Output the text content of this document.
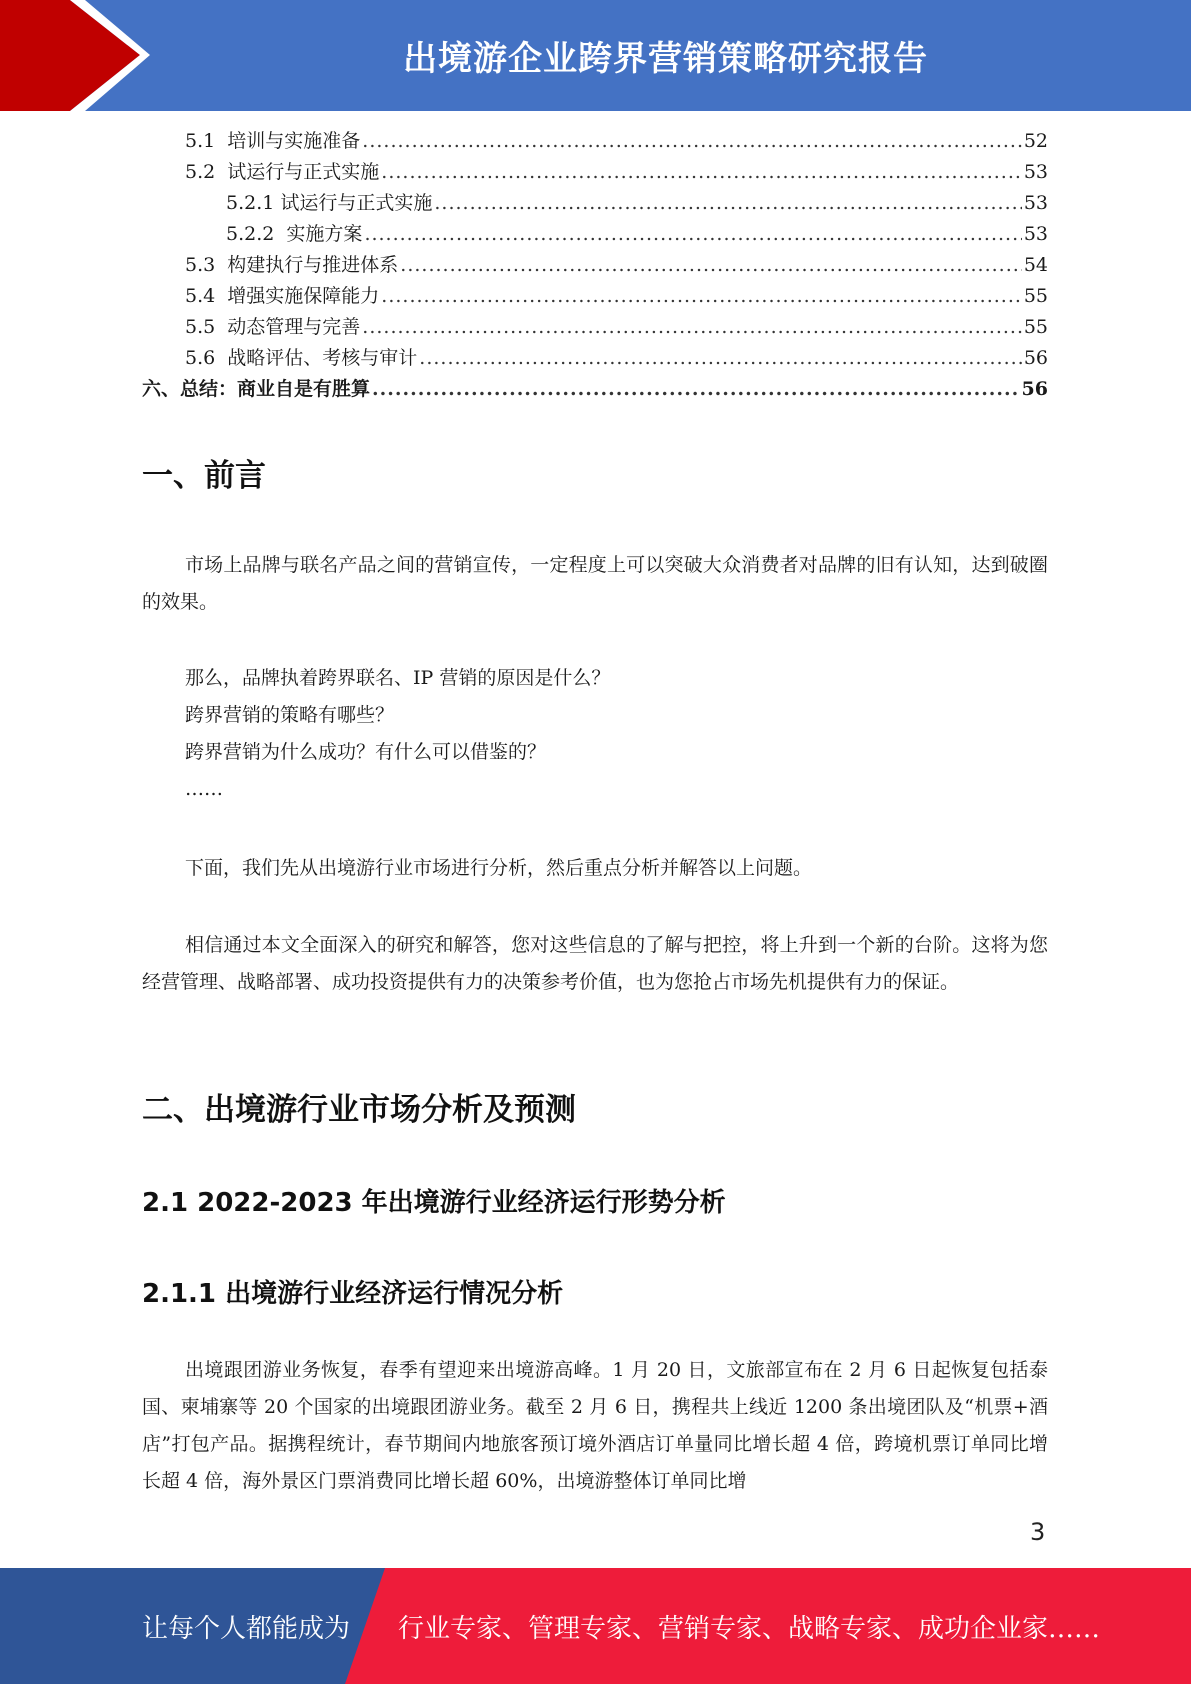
出境游企业跨界营销策略研究报告
5.1  培训与实施准备 .....	52
5.2  试运行与正式实施 .....	53
5.2.1 试运行与正式实施 .....	53
5.2.2  实施方案 .....	53
5.3  构建执行与推进体系 .....	54
5.4  增强实施保障能力 .....	55
5.5  动态管理与完善 .....	55
5.6  战略评估、考核与审计 .....	56
六、总结：商业自是有胜算 .....	56
一、前言
市场上品牌与联名产品之间的营销宣传，一定程度上可以突破大众消费者对品牌的旧有认知，达到破圈的效果。
那么，品牌执着跨界联名、IP 营销的原因是什么？
跨界营销的策略有哪些？
跨界营销为什么成功？有什么可以借鉴的？
……
下面，我们先从出境游行业市场进行分析，然后重点分析并解答以上问题。
相信通过本文全面深入的研究和解答，您对这些信息的了解与把控，将上升到一个新的台阶。这将为您经营管理、战略部署、成功投资提供有力的决策参考价值，也为您抢占市场先机提供有力的保证。
二、出境游行业市场分析及预测
2.1 2022-2023 年出境游行业经济运行形势分析
2.1.1 出境游行业经济运行情况分析
出境跟团游业务恢复，春季有望迎来出境游高峰。1 月 20 日，文旅部宣布在 2 月 6 日起恢复包括泰国、柬埔寨等 20 个国家的出境跟团游业务。截至 2 月 6 日，携程共上线近 1200 条出境团队及“机票+酒店”打包产品。据携程统计，春节期间内地旅客预订境外酒店订单量同比增长超 4 倍，跨境机票订单同比增长超 4 倍，海外景区门票消费同比增长超 60%，出境游整体订单同比增
3
让每个人都能成为 行业专家、管理专家、营销专家、战略专家、成功企业家……
